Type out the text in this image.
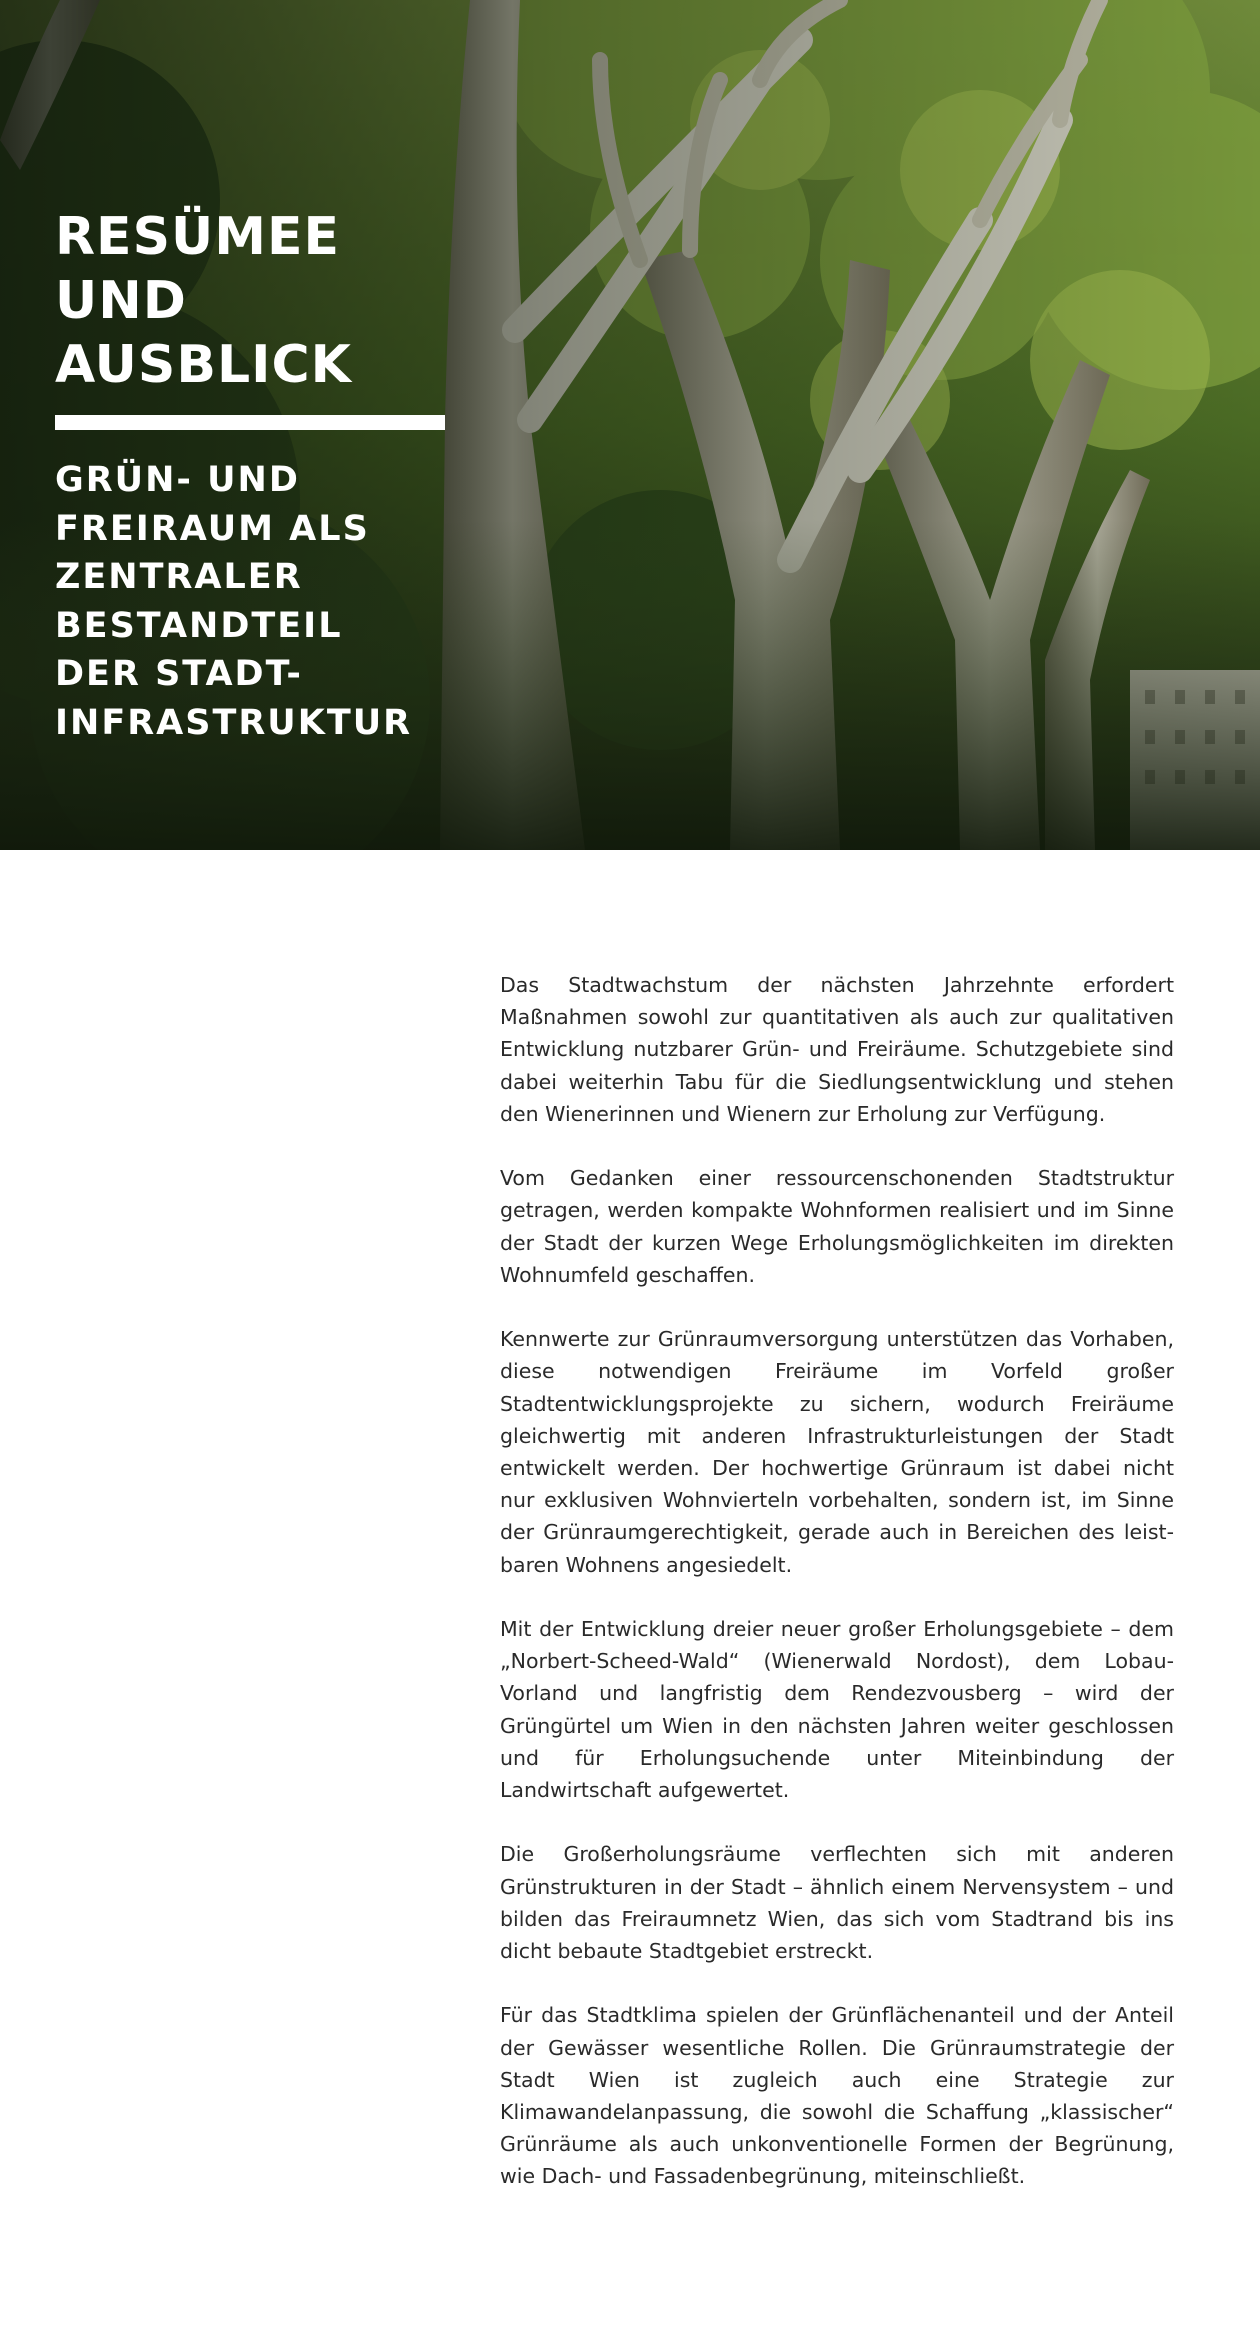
RESÜMEE UND
AUSBLICK
GRÜN- UND
FREIRAUM ALS
ZENTRALER
BESTANDTEIL
DER STADT-
INFRASTRUKTUR

Das Stadtwachstum der nächsten Jahrzehnte erfordert Maßnahmen sowohl zur quantitativen als auch zur qualitativen Entwicklung nutzbarer Grün- und Freiräume. Schutzgebiete sind dabei weiterhin Tabu für die Siedlungsentwicklung und stehen den Wienerinnen und Wienern zur Erholung zur Verfügung.

Vom Gedanken einer ressourcenschonenden Stadtstruktur getragen, werden kompakte Wohnformen realisiert und im Sinne der Stadt der kurzen Wege Erholungsmöglichkeiten im direkten Wohnumfeld geschaffen.

Kennwerte zur Grünraumversorgung unterstützen das Vorhaben, diese notwendigen Freiräume im Vorfeld großer Stadtentwicklungsprojekte zu sichern, wodurch Freiräume gleichwertig mit anderen Infrastrukturleistungen der Stadt entwickelt werden. Der hochwertige Grünraum ist dabei nicht nur exklusiven Wohnvierteln vorbehalten, sondern ist, im Sinne der Grünraumgerechtigkeit, gerade auch in Bereichen des leistbaren Wohnens angesiedelt.

Mit der Entwicklung dreier neuer großer Erholungsgebiete – dem „Norbert-Scheed-Wald“ (Wienerwald Nordost), dem Lobau-Vorland und langfristig dem Rendezvousberg – wird der Grüngürtel um Wien in den nächsten Jahren weiter geschlossen und für Erholungsuchende unter Miteinbindung der Landwirtschaft aufgewertet.

Die Großerholungsräume verflechten sich mit anderen Grünstrukturen in der Stadt – ähnlich einem Nervensystem – und bilden das Freiraumnetz Wien, das sich vom Stadtrand bis ins dicht bebaute Stadtgebiet erstreckt.

Für das Stadtklima spielen der Grünflächenanteil und der Anteil der Gewässer wesentliche Rollen. Die Grünraumstrategie der Stadt Wien ist zugleich auch eine Strategie zur Klimawandelanpassung, die sowohl die Schaffung „klassischer“ Grünräume als auch unkonventionelle Formen der Begrünung, wie Dach- und Fassadenbegrünung, miteinschließt.
